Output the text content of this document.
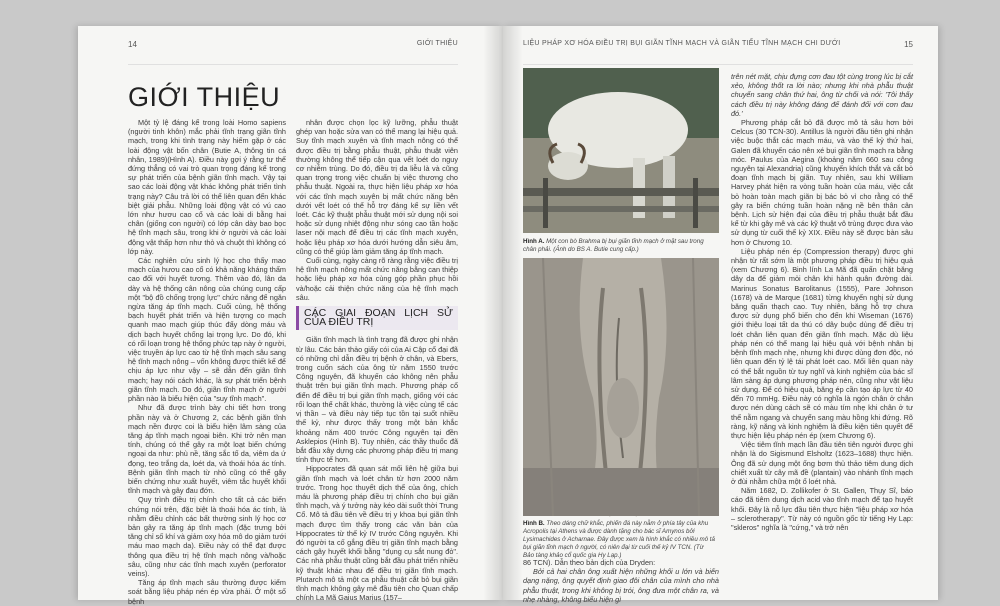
14	GIỚI THIỆU
GIỚI THIỆU

Một tỷ lệ đáng kể trong loài Homo sapiens (người tinh khôn) mắc phải tĩnh trạng giãn tĩnh mạch, trong khi tình trạng này hiếm gặp ở các loài động vật bốn chân (Butie A, thông tin cá nhân, 1989)(Hình A). Điều này gợi ý rằng tư thế đứng thẳng có vai trò quan trọng đáng kể trong sự phát triển của bệnh giãn tĩnh mạch. Vậy tại sao các loài động vật khác không phát triển tình trạng này? Câu trả lời có thể liên quan đến khác biệt giải phẫu. Những loài động vật có vú cao lớn như hươu cao cổ và các loài di bằng hai chân (giống con người) có lớp cân dày bao bọc hệ tĩnh mạch sâu, trong khi ở người và các loài động vật thấp hơn như thỏ và chuột thì không có lớp này.

Các nghiên cứu sinh lý học cho thấy mao mạch của hươu cao cổ có khả năng kháng thấm cao đối với huyết tương. Thêm vào đó, lân da dày và hệ thống cân nông của chúng cung cấp một "bộ đồ chống trọng lực" chức năng để ngăn ngừa tăng áp tĩnh mạch. Cuối cùng, hệ thống bạch huyết phát triển và hiện tượng co mạch quanh mao mạch giúp thúc đẩy dòng máu và dịch bạch huyết chống lại trọng lực. Do đó, khi có rối loạn trong hệ thống phức tạp này ở người, việc truyền áp lực cao từ hệ tĩnh mạch sâu sang hệ tĩnh mạch nông – vốn không được thiết kế để chịu áp lực như vậy – sẽ dẫn đến giãn tĩnh mạch; hay nói cách khác, là sự phát triển bệnh giãn tĩnh mạch. Do đó, giãn tĩnh mạch ở người phần nào là biểu hiện của "suy tĩnh mạch".

Như đã được trình bày chi tiết hơn trong phần này và ở Chương 2, các bệnh giãn tĩnh mạch nền được coi là biểu hiện lâm sàng của tăng áp tĩnh mạch ngoại biên. Khi trở nên mạn tính, chúng có thể gây ra một loạt biến chứng ngoại da như: phù nề, tăng sắc tố da, viêm da ứ đọng, teo trắng da, loét da, và thoái hóa ác tính. Bệnh giãn tĩnh mạch từ nhỏ cũng có thể gây biến chứng như xuất huyết, viêm tắc huyết khối tĩnh mạch và gây đau đớn.

Quy trình điều trị chính cho tất cả các biến chứng nói trên, đặc biệt là thoái hóa ác tính, là nhằm điều chỉnh các bất thường sinh lý học cơ bản gây ra tăng áp tĩnh mạch (đặc trưng bởi tăng chỉ số khí và giảm oxy hóa mô do giảm tưới máu mao mạch da). Điều này có thể đạt được thông qua điều trị hệ tĩnh mạch nông và/hoặc sâu, cũng như các tĩnh mạch xuyên (perforator veins).

Tăng áp tĩnh mạch sâu thường được kiểm soát bằng liệu pháp nén ép vừa phải. Ở một số bệnh

nhân được chọn lọc kỹ lưỡng, phẫu thuật ghép van hoặc sửa van có thể mang lại hiệu quả. Suy tĩnh mạch xuyên và tĩnh mạch nông có thể được điều trị bằng phẫu thuật, phẫu thuật viên thường không thể tiếp cận qua vết loét do nguy cơ nhiễm trùng. Do đó, điều trị da liễu là và cũng quan trọng trong việc chuẩn bị việc thương cho phẫu thuật. Ngoài ra, thực hiện liệu pháp xơ hóa với các tĩnh mạch xuyên bị mất chức năng bên dưới vết loét có thể hỗ trợ đáng kể sự liền vết loét. Các kỹ thuật phẫu thuật mới sử dụng nội soi hoặc sử dụng nhiệt động như sóng cao tần hoặc laser nội mạch để điều trị các tĩnh mạch xuyên, hoặc liệu pháp xơ hóa dưới hướng dẫn siêu âm, cũng có thể giúp làm giảm tăng áp tĩnh mạch.

Cuối cùng, ngày càng rõ ràng rằng việc điều trị hệ tĩnh mạch nông mất chức năng bằng can thiệp hoặc liệu pháp xơ hóa cùng góp phần phục hồi và/hoặc cải thiện chức năng của hệ tĩnh mạch sâu.

CÁC GIAI ĐOẠN LỊCH SỬ CỦA ĐIỀU TRỊ

Giãn tĩnh mạch là tình trạng đã được ghi nhận từ lâu. Các bản thảo giấy cói của Ai Cập cổ đại đã có những chỉ dẫn điều trị bệnh ở chân, và Ebers, trong cuốn sách của ông từ năm 1550 trước Công nguyên, đã khuyến cáo không nên phẫu thuật trên bụi giãn tĩnh mạch. Phương pháp cổ điển để điều trị bụi giãn tĩnh mạch, giống với các rối loạn thể chất khác, thường là việc cùng tế các vị thần – và điều này tiếp tục tồn tại suốt nhiều thế kỷ, như được thấy trong một bản khắc khoảng năm 400 trước Công nguyên tại đền Asklepios (Hình B). Tuy nhiên, các thầy thuốc đã bắt đầu xây dựng các phương pháp điều trị mang tính thực tế hơn.

Hippocrates đã quan sát mối liên hệ giữa bụi giãn tĩnh mạch và loét chân từ hơn 2000 năm trước. Trong học thuyết dịch thể của ông, chích máu là phương pháp điều trị chính cho bụi giãn tĩnh mạch, và ý tưởng này kéo dài suốt thời Trung Cổ. Mô tả đầu tiên về điều trị y khoa bụi giãn tĩnh mạch được tìm thấy trong các văn bản của Hippocrates từ thế kỷ IV trước Công nguyên. Khi đó người ta cố gắng điều trị giãn tĩnh mạch bằng cách gây huyết khối bằng "dụng cụ sắt nung đỏ". Các nhà phẫu thuật cũng bắt đầu phát triển nhiều kỹ thuật khác nhau để điều trị giãn tĩnh mạch. Plutarch mô tả một ca phẫu thuật cắt bỏ bụi giãn tĩnh mạch không gây mê đầu tiên cho Quan chấp chính La Mã Gaius Marius (157–

LIỆU PHÁP XƠ HÓA ĐIỀU TRỊ BỤI GIÃN TĨNH MẠCH VÀ GIÃN TIỂU TĨNH MẠCH CHI DƯỚI	15
Hình A. Một con bò Brahma bị bụi giãn tĩnh mạch ở mặt sau trong chân phải. (Ảnh do BS A. Butie cung cấp.)
Hình B. Theo dáng chữ khắc, phiến đá này nằm ở phía tây của khu Acropolis tại Athens và được dành tặng cho bác sĩ Amynos bởi Lysimachides ở Acharnae. Đây được xem là hình khắc có nhiều mô tả bụi giãn tĩnh mạch ở người, có niên đại từ cuối thế kỷ IV TCN. (Từ Bảo tàng khảo cổ quốc gia Hy Lạp.)

86 TCN). Dẫn theo bản dịch của Dryden:

Bởi cả hai chân ông xuất hiện những khối u lớn và biến dạng nặng, ông quyết định giao đôi chân của mình cho nhà phẫu thuật, trong khi không bị trói, ông đưa một chân ra, và nhẹ nhàng, không biểu hiện gì

trên nét mặt, chịu đựng cơn đau tột cùng trong lúc bị cắt xẻo, không thốt ra lời nào; nhưng khi nhà phẫu thuật chuyển sang chân thứ hai, ông từ chối và nói: 'Tôi thấy cách điều trị này không đáng để đánh đổi với cơn đau đó.'

Phương pháp cắt bỏ đã được mô tả sâu hơn bởi Celcus (30 TCN-30). Antillus là người đầu tiên ghi nhận việc buộc thắt các mạch máu, và vào thế kỷ thứ hai, Galen đã khuyến cáo nên xé bụi giãn tĩnh mạch ra bằng móc. Paulus của Aegina (khoảng năm 660 sau công nguyên tại Alexandria) cũng khuyến khích thắt và cắt bỏ đoạn tĩnh mạch bị giãn. Tuy nhiên, sau khi William Harvey phát hiện ra vòng tuần hoàn của máu, việc cắt bỏ hoàn toàn mạch giãn bị bác bỏ vì cho rằng có thể gây ra biến chứng tuần hoàn nặng nề bên thân cân bệnh. Lịch sử hiện đại của điều trị phẫu thuật bắt đầu kể từ khi gây mê và các kỹ thuật vô trùng được đưa vào sử dụng từ cuối thế kỷ XIX. Điều này sẽ được bàn sâu hơn ở Chương 10.

Liệu pháp nén ép (Compression therapy) được ghi nhận từ rất sớm là một phương pháp điều trị hiệu quả (xem Chương 6). Binh lính La Mã đã quấn chặt băng dây da để giảm mỏi chân khi hành quân đường dài. Marinus Sonatus Barolitanus (1555), Pare Johnson (1678) và de Marque (1681) từng khuyến nghị sử dụng băng quấn thạch cao. Tuy nhiên, băng hỗ trợ chưa được sử dụng phổ biến cho đến khi Wiseman (1676) giới thiệu loại tất da thú có dây buộc dùng để điều trị loét chân liên quan đến giãn tĩnh mạch. Mặc dù liệu pháp nén có thể mang lại hiệu quả với bệnh nhân bị bệnh tĩnh mạch nhẹ, nhưng khi được dùng đơn độc, nó liên quan đến tỷ lệ tái phát loét cao. Mối liên quan này có thể bắt nguồn từ tuy nghĩ và kinh nghiệm của bác sĩ lâm sàng áp dụng phương pháp nén, cũng như vật liệu sử dụng. Để có hiệu quả, băng ép cần tạo áp lực từ 40 đến 70 mmHg. Điều này có nghĩa là ngón chân ở chân được nén dùng cách sẽ có màu tím nhẹ khi chân ở tư thế nằm ngang và chuyển sang màu hồng khi đứng. Rõ ràng, kỹ năng và kinh nghiệm là điều kiện tiên quyết để thực hiện liệu pháp nén ép (xem Chương 6).

Việc tiêm tĩnh mạch lần đầu tiên tiên người được ghi nhận là do Sigismund Elsholtz (1623–1688) thực hiện. Ông đã sử dụng một ống bơm thủ thảo tiêm dung dịch chiết xuất từ cây mã đề (plantain) vào nhánh tĩnh mạch ở đùi nhằm chữa một ổ loét nhà.

Năm 1682, D. Zollikofer ở St. Gallen, Thụy Sĩ, báo cáo đã tiêm dung dịch acid vào tĩnh mạch để tạo huyết khối. Đây là nỗ lực đầu tiên thực hiện "liệu pháp xơ hóa – sclerotherapy". Từ này có nguồn gốc từ tiếng Hy Lạp: "skleros" nghĩa là "cứng," và trở nên
